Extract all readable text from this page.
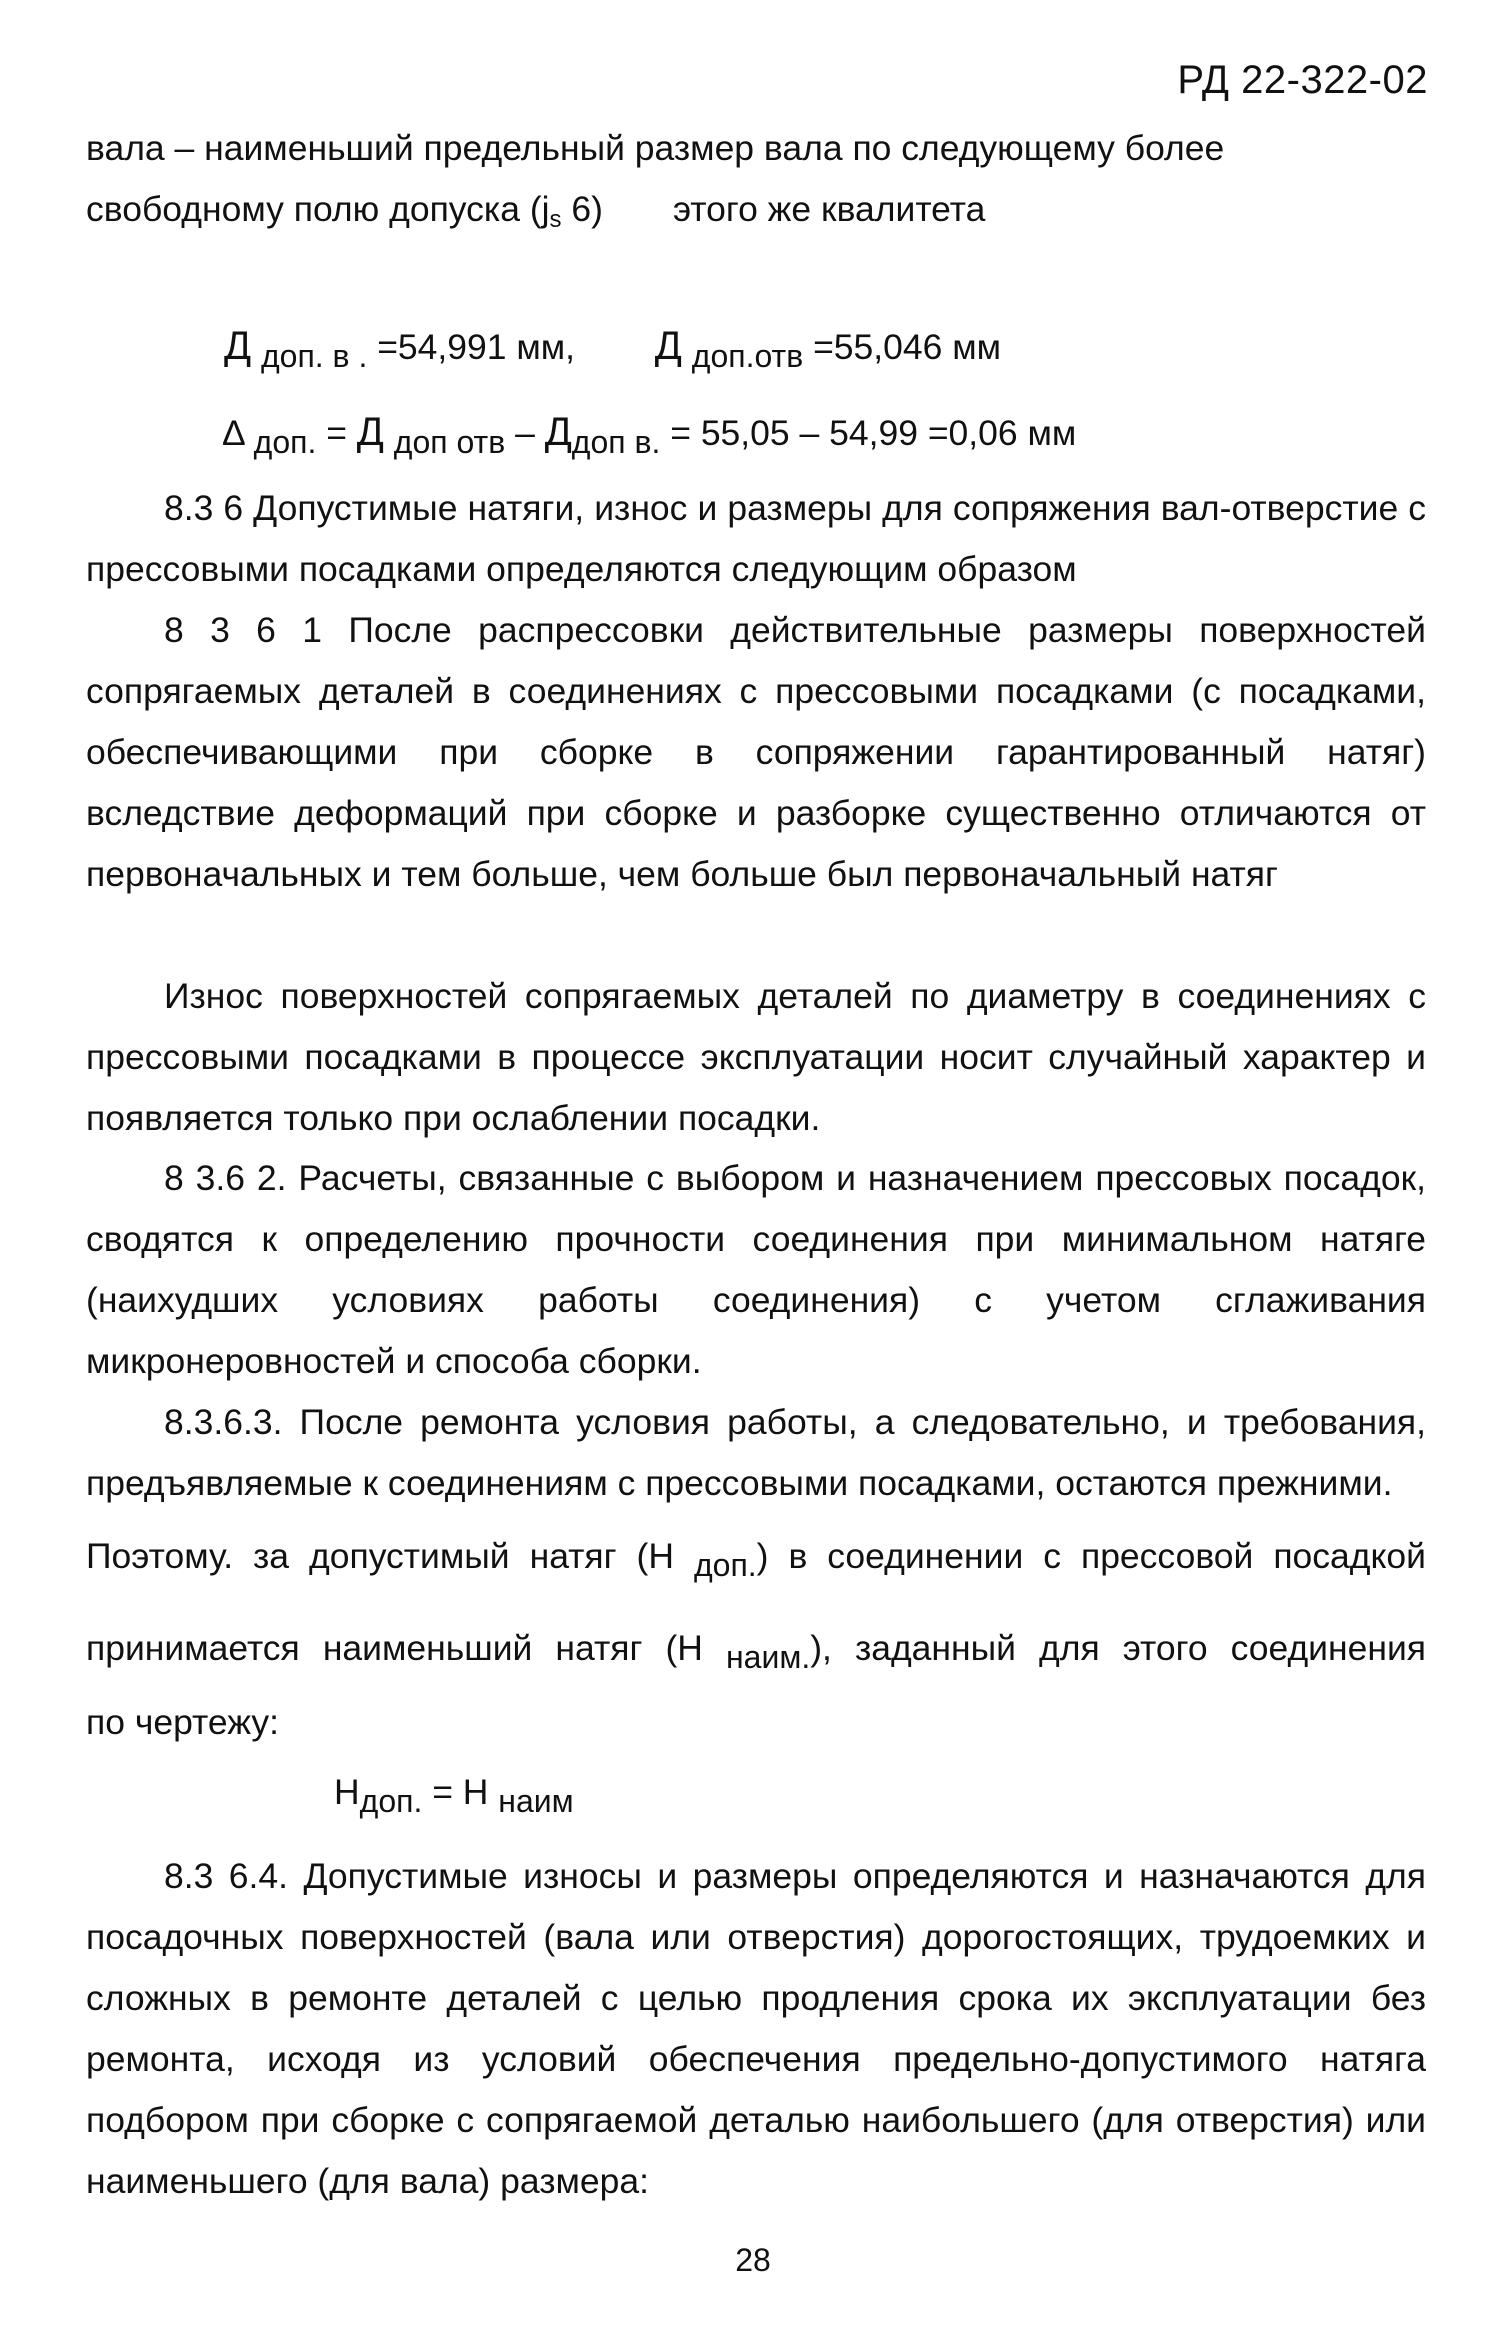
РД 22-322-02
вала – наименьший предельный размер вала по следующему более
свободному полю допуска (js 6) этого же квалитета
Д доп. в . =54,991 мм, Д доп.отв =55,046 мм
Δ доп. = Д доп отв – Ддоп в. = 55,05 – 54,99 =0,06 мм
8.3 6 Допустимые натяги, износ и размеры для сопряжения вал-отверстие с прессовыми посадками определяются следующим образом
8 3 6 1 После распрессовки действительные размеры поверхностей сопрягаемых деталей в соединениях с прессовыми посадками (с посадками, обеспечивающими при сборке в сопряжении гарантированный натяг) вследствие деформаций при сборке и разборке существенно отличаются от первоначальных и тем больше, чем больше был первоначальный натяг
Износ поверхностей сопрягаемых деталей по диаметру в соединениях с прессовыми посадками в процессе эксплуатации носит случайный характер и появляется только при ослаблении посадки.
8 3.6 2. Расчеты, связанные с выбором и назначением прессовых посадок, сводятся к определению прочности соединения при минимальном натяге (наихудших условиях работы соединения) с учетом сглаживания микронеровностей и способа сборки.
8.3.6.3. После ремонта условия работы, а следовательно, и требования, предъявляемые к соединениям с прессовыми посадками, остаются прежними.
Поэтому. за допустимый натяг (Н доп.) в соединении с прессовой посадкой
принимается наименьший натяг (Н наим.), заданный для этого соединения
по чертежу:
Ндоп. = Н наим
8.3 6.4. Допустимые износы и размеры определяются и назначаются для посадочных поверхностей (вала или отверстия) дорогостоящих, трудоемких и сложных в ремонте деталей с целью продления срока их эксплуатации без ремонта, исходя из условий обеспечения предельно-допустимого натяга подбором при сборке с сопрягаемой деталью наибольшего (для отверстия) или наименьшего (для вала) размера:
28
